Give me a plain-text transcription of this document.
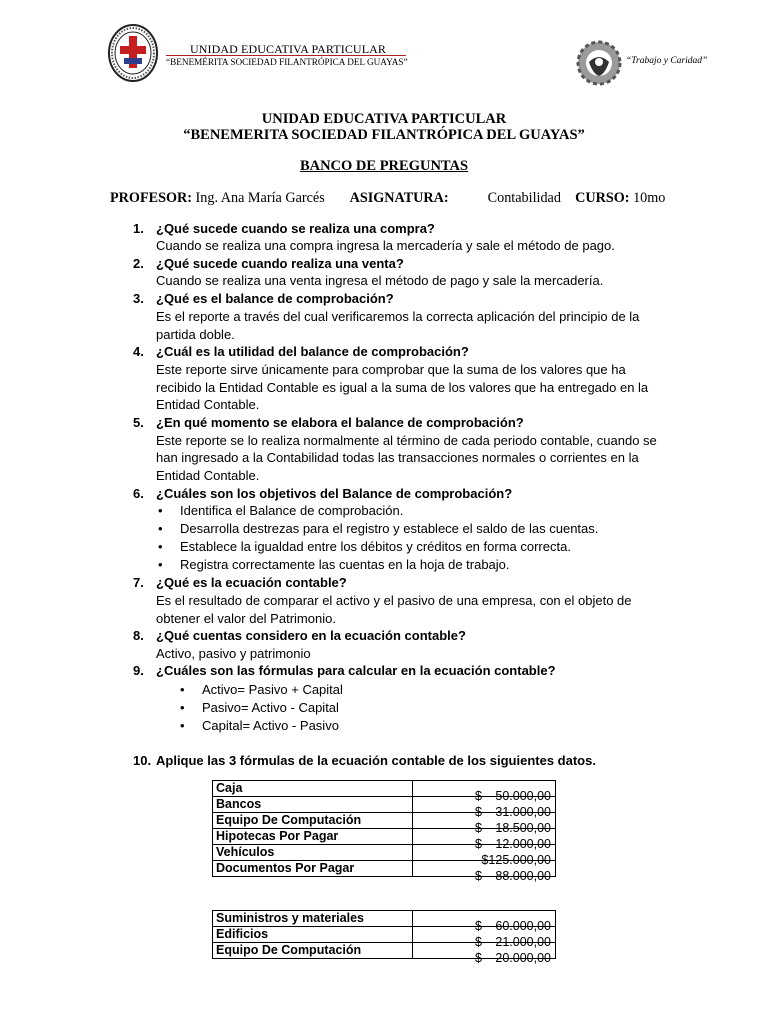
UNIDAD EDUCATIVA PARTICULAR
“BENEMÉRITA SOCIEDAD FILANTRÓPICA DEL GUAYAS”	“Trabajo y Caridad”
UNIDAD EDUCATIVA PARTICULAR
“BENEMERITA SOCIEDAD FILANTRÓPICA DEL GUAYAS”
BANCO DE PREGUNTAS
PROFESOR: Ing. Ana María Garcés ASIGNATURA:	Contabilidad CURSO: 10mo
1. ¿Qué sucede cuando se realiza una compra?
Cuando se realiza una compra ingresa la mercadería y sale el método de pago.
2. ¿Qué sucede cuando realiza una venta?
Cuando se realiza una venta ingresa el método de pago y sale la mercadería.
3. ¿Qué es el balance de comprobación?
Es el reporte a través del cual verificaremos la correcta aplicación del principio de la
partida doble.
4. ¿Cuál es la utilidad del balance de comprobación?
Este reporte sirve únicamente para comprobar que la suma de los valores que ha
recibido la Entidad Contable es igual a la suma de los valores que ha entregado en la
Entidad Contable.
5. ¿En qué momento se elabora el balance de comprobación?
Este reporte se lo realiza normalmente al término de cada periodo contable, cuando se
han ingresado a la Contabilidad todas las transacciones normales o corrientes en la
Entidad Contable.
6. ¿Cuáles son los objetivos del Balance de comprobación?
• Identifica el Balance de comprobación.
• Desarrolla destrezas para el registro y establece el saldo de las cuentas.
• Establece la igualdad entre los débitos y créditos en forma correcta.
• Registra correctamente las cuentas en la hoja de trabajo.
7. ¿Qué es la ecuación contable?
Es el resultado de comparar el activo y el pasivo de una empresa, con el objeto de
obtener el valor del Patrimonio.
8. ¿Qué cuentas considero en la ecuación contable?
Activo, pasivo y patrimonio
9. ¿Cuáles son las fórmulas para calcular en la ecuación contable?
• Activo= Pasivo + Capital
• Pasivo= Activo - Capital
• Capital= Activo - Pasivo
10. Aplique las 3 fórmulas de la ecuación contable de los siguientes datos.
Caja	$ 50.000,00

Bancos	$ 31.000,00

Equipo De Computación	$ 18.500,00

Hipotecas Por Pagar	$ 12.000,00

Vehículos	$125.000,00

Documentos Por Pagar	$ 88.000,00
Suministros y materiales	$ 60.000,00

Edificios	$ 21.000,00

Equipo De Computación	$ 20.000,00
